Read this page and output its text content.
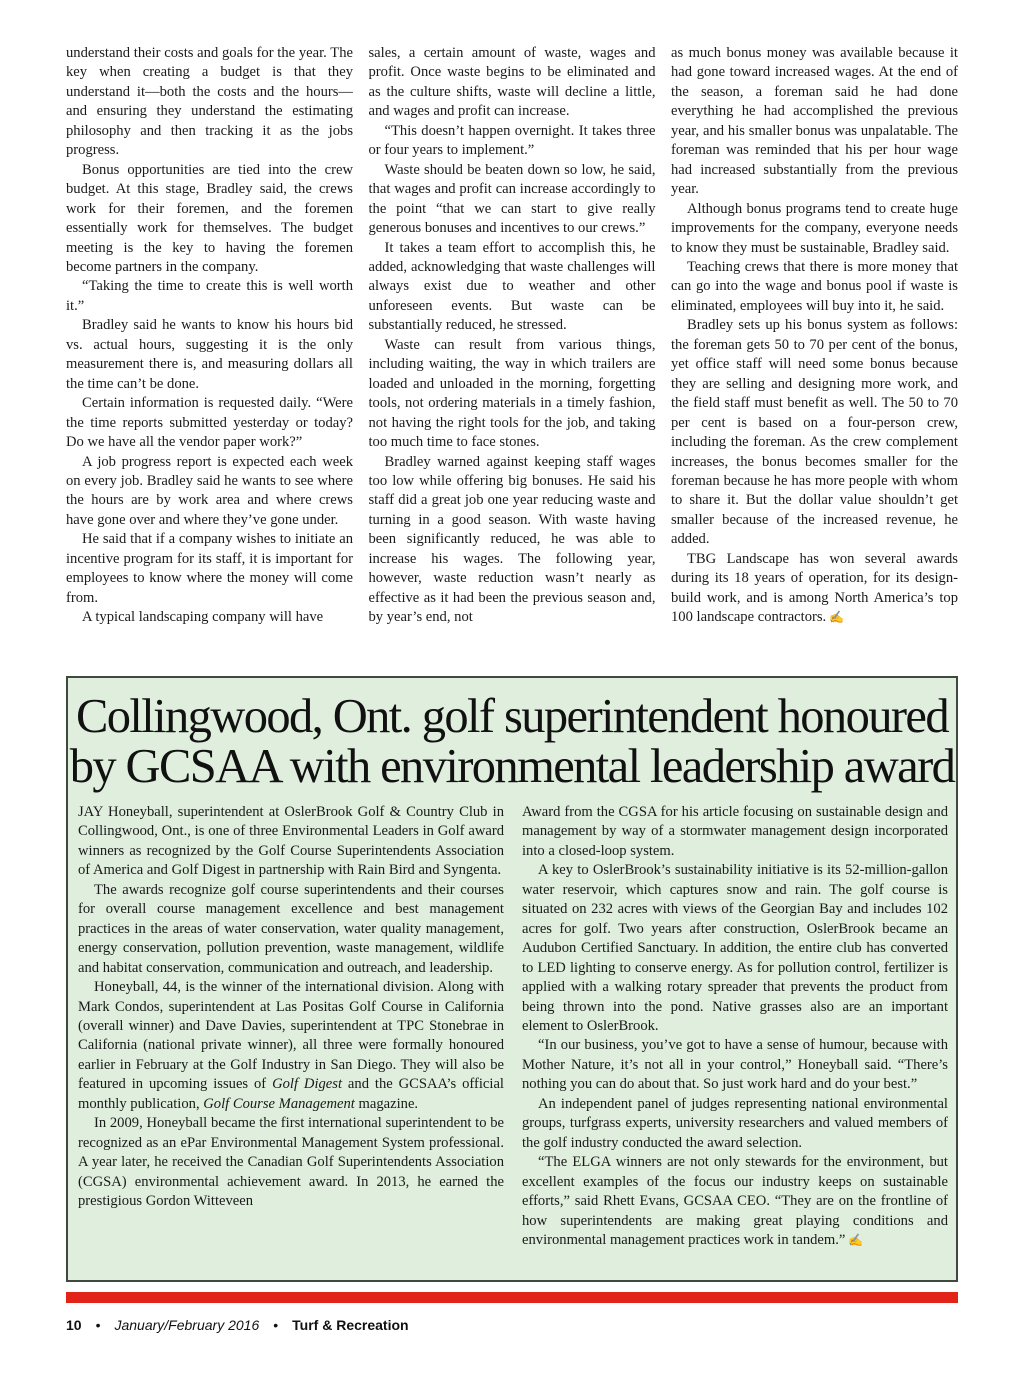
understand their costs and goals for the year. The key when creating a budget is that they understand it—both the costs and the hours—and ensuring they understand the estimating philosophy and then tracking it as the jobs progress.

Bonus opportunities are tied into the crew budget. At this stage, Bradley said, the crews work for their foremen, and the foremen essentially work for themselves. The budget meeting is the key to having the foremen become partners in the company.

“Taking the time to create this is well worth it.”

Bradley said he wants to know his hours bid vs. actual hours, suggesting it is the only measurement there is, and measuring dollars all the time can’t be done.

Certain information is requested daily. “Were the time reports submitted yesterday or today? Do we have all the vendor paper work?”

A job progress report is expected each week on every job. Bradley said he wants to see where the hours are by work area and where crews have gone over and where they’ve gone under.

He said that if a company wishes to initiate an incentive program for its staff, it is important for employees to know where the money will come from.

A typical landscaping company will have

sales, a certain amount of waste, wages and profit. Once waste begins to be eliminated and as the culture shifts, waste will decline a little, and wages and profit can increase.

“This doesn’t happen overnight. It takes three or four years to implement.”

Waste should be beaten down so low, he said, that wages and profit can increase accordingly to the point “that we can start to give really generous bonuses and incentives to our crews.”

It takes a team effort to accomplish this, he added, acknowledging that waste challenges will always exist due to weather and other unforeseen events. But waste can be substantially reduced, he stressed.

Waste can result from various things, including waiting, the way in which trailers are loaded and unloaded in the morning, forgetting tools, not ordering materials in a timely fashion, not having the right tools for the job, and taking too much time to face stones.

Bradley warned against keeping staff wages too low while offering big bonuses. He said his staff did a great job one year reducing waste and turning in a good season. With waste having been significantly reduced, he was able to increase his wages. The following year, however, waste reduction wasn’t nearly as effective as it had been the previous season and, by year’s end, not

as much bonus money was available because it had gone toward increased wages. At the end of the season, a foreman said he had done everything he had accomplished the previous year, and his smaller bonus was unpalatable. The foreman was reminded that his per hour wage had increased substantially from the previous year.

Although bonus programs tend to create huge improvements for the company, everyone needs to know they must be sustainable, Bradley said.

Teaching crews that there is more money that can go into the wage and bonus pool if waste is eliminated, employees will buy into it, he said.

Bradley sets up his bonus system as follows: the foreman gets 50 to 70 per cent of the bonus, yet office staff will need some bonus because they are selling and designing more work, and the field staff must benefit as well. The 50 to 70 per cent is based on a four-person crew, including the foreman. As the crew complement increases, the bonus becomes smaller for the foreman because he has more people with whom to share it. But the dollar value shouldn’t get smaller because of the increased revenue, he added.

TBG Landscape has won several awards during its 18 years of operation, for its design-build work, and is among North America’s top 100 landscape contractors. ✍

Collingwood, Ont. golf superintendent honoured
by GCSAA with environmental leadership award

JAY Honeyball, superintendent at OslerBrook Golf & Country Club in Collingwood, Ont., is one of three Environmental Leaders in Golf award winners as recognized by the Golf Course Superintendents Association of America and Golf Digest in partnership with Rain Bird and Syngenta.

The awards recognize golf course superintendents and their courses for overall course management excellence and best management practices in the areas of water conservation, water quality management, energy conservation, pollution prevention, waste management, wildlife and habitat conservation, communication and outreach, and leadership.

Honeyball, 44, is the winner of the international division. Along with Mark Condos, superintendent at Las Positas Golf Course in California (overall winner) and Dave Davies, superintendent at TPC Stonebrae in California (national private winner), all three were formally honoured earlier in February at the Golf Industry in San Diego. They will also be featured in upcoming issues of Golf Digest and the GCSAA’s official monthly publication, Golf Course Management magazine.

In 2009, Honeyball became the first international superintendent to be recognized as an ePar Environmental Management System professional. A year later, he received the Canadian Golf Superintendents Association (CGSA) environmental achievement award. In 2013, he earned the prestigious Gordon Witteveen

Award from the CGSA for his article focusing on sustainable design and management by way of a stormwater management design incorporated into a closed-loop system.

A key to OslerBrook’s sustainability initiative is its 52-million-gallon water reservoir, which captures snow and rain. The golf course is situated on 232 acres with views of the Georgian Bay and includes 102 acres for golf. Two years after construction, OslerBrook became an Audubon Certified Sanctuary. In addition, the entire club has converted to LED lighting to conserve energy. As for pollution control, fertilizer is applied with a walking rotary spreader that prevents the product from being thrown into the pond. Native grasses also are an important element to OslerBrook.

“In our business, you’ve got to have a sense of humour, because with Mother Nature, it’s not all in your control,” Honeyball said. “There’s nothing you can do about that. So just work hard and do your best.”

An independent panel of judges representing national environmental groups, turfgrass experts, university researchers and valued members of the golf industry conducted the award selection.

“The ELGA winners are not only stewards for the environment, but excellent examples of the focus our industry keeps on sustainable efforts,” said Rhett Evans, GCSAA CEO. “They are on the frontline of how superintendents are making great playing conditions and environmental management practices work in tandem.” ✍

10 • January/February 2016 • Turf & Recreation
